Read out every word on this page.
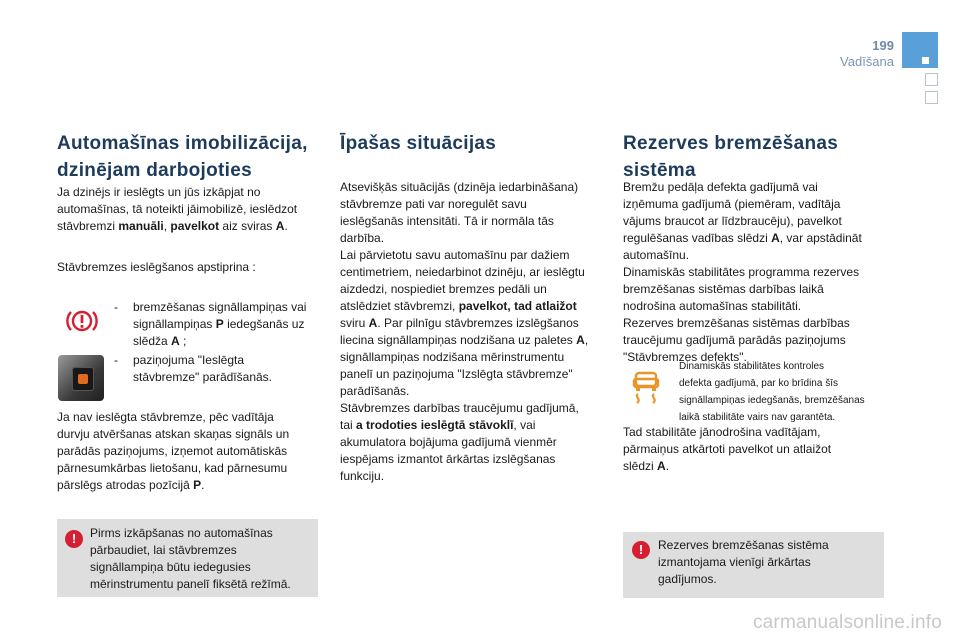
199
Vadīšana
Automašīnas imobilizācija,
dzinējam darbojoties

Ja dzinējs ir ieslēgts un jūs izkāpjat no
automašīnas, tā noteikti jāimobilizē, ieslēdzot
stāvbremzi manuāli, pavelkot aiz sviras A.

Stāvbremzes ieslēgšanos apstiprina :

- bremzēšanas signāllampiņas vai
signāllampiņas P iedegšanās uz
slēdža A ;
- paziņojuma "Ieslēgta
stāvbremze" parādīšanās.

Ja nav ieslēgta stāvbremze, pēc vadītāja
durvju atvēršanas atskan skaņas signāls un
parādās paziņojums, izņemot automātiskās
pārnesumkārbas lietošanu, kad pārnesumu
pārslēgs atrodas pozīcijā P.

!

Pirms izkāpšanas no automašīnas
pārbaudiet, lai stāvbremzes
signāllampiņa būtu iedegusies
mērinstrumentu panelī fiksētā režīmā.

Īpašas situācijas

Atsevišķās situācijās (dzinēja iedarbināšana)
stāvbremze pati var noregulēt savu
ieslēgšanās intensitāti. Tā ir normāla tās
darbība.
Lai pārvietotu savu automašīnu par dažiem
centimetriem, neiedarbinot dzinēju, ar ieslēgtu
aizdedzi, nospiediet bremzes pedāli un
atslēdziet stāvbremzi, pavelkot, tad atlaižot
sviru A. Par pilnīgu stāvbremzes izslēgšanos
liecina signāllampiņas nodzišana uz paletes A,
signāllampiņas nodzišana mērinstrumentu
panelī un paziņojuma "Izslēgta stāvbremze"
parādīšanās.
Stāvbremzes darbības traucējumu gadījumā,
tai a trodoties ieslēgtā stāvoklī, vai
akumulatora bojājuma gadījumā vienmēr
iespējams izmantot ārkārtas izslēgšanas
funkciju.

Rezerves bremzēšanas
sistēma

Bremžu pedāļa defekta gadījumā vai
izņēmuma gadījumā (piemēram, vadītāja
vājums braucot ar līdzbraucēju), pavelkot
regulēšanas vadības slēdzi A, var apstādināt automašīnu.
Dinamiskās stabilitātes programma rezerves
bremzēšanas sistēmas darbības laikā
nodrošina automašīnas stabilitāti.
Rezerves bremzēšanas sistēmas darbības
traucējumu gadījumā parādās paziņojums
"Stāvbremzes defekts".

Dinamiskās stabilitātes kontroles
defekta gadījumā, par ko brīdina šīs
signāllampiņas iedegšanās, bremzēšanas
laikā stabilitāte vairs nav garantēta.

Tad stabilitāte jānodrošina vadītājam,
pārmaiņus atkārtoti pavelkot un atlaižot
slēdzi A.

!

Rezerves bremzēšanas sistēma
izmantojama vienīgi ārkārtas
gadījumos.

carmanualsonline.info
